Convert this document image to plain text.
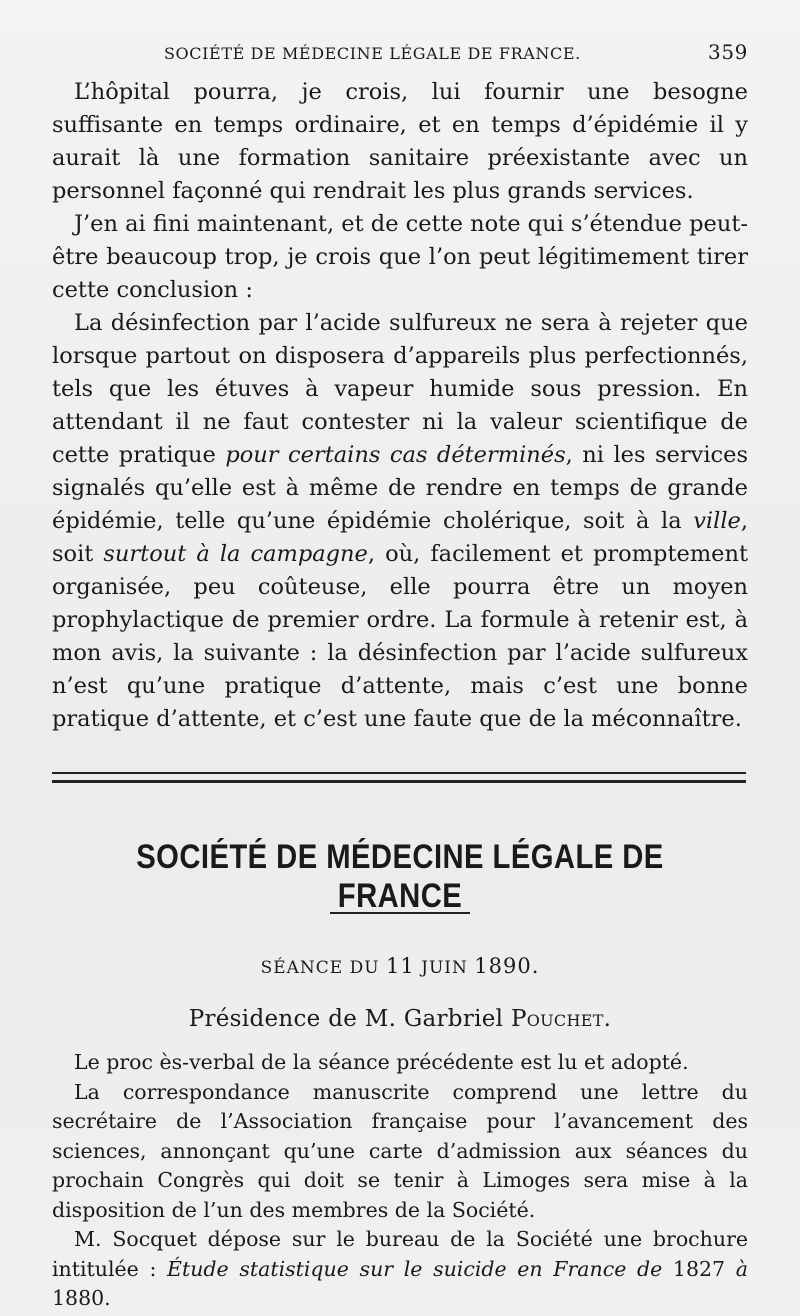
SOCIÉTÉ DE MÉDECINE LÉGALE DE FRANCE.	359

L’hôpital pourra, je crois, lui fournir une besogne suffisante en temps ordinaire, et en temps d’épidémie il y aurait là une formation sanitaire préexistante avec un personnel façonné qui rendrait les plus grands services.

J’en ai fini maintenant, et de cette note qui s’étendue peut-être beaucoup trop, je crois que l’on peut légitimement tirer cette conclusion :

La désinfection par l’acide sulfureux ne sera à rejeter que lorsque partout on disposera d’appareils plus perfectionnés, tels que les étuves à vapeur humide sous pression. En attendant il ne faut contester ni la valeur scientifique de cette pratique pour certains cas déterminés, ni les services signalés qu’elle est à même de rendre en temps de grande épidémie, telle qu’une épidémie cholérique, soit à la ville, soit surtout à la campagne, où, facilement et promptement organisée, peu coûteuse, elle pourra être un moyen prophylactique de premier ordre. La formule à retenir est, à mon avis, la suivante : la désinfection par l’acide sulfureux n’est qu’une pratique d’attente, mais c’est une bonne pratique d’attente, et c’est une faute que de la méconnaître.

SOCIÉTÉ DE MÉDECINE LÉGALE DE FRANCE
SÉANCE DU 11 JUIN 1890.
Présidence de M. Garbriel Pouchet.

Le proc ès-verbal de la séance précédente est lu et adopté.

La correspondance manuscrite comprend une lettre du secrétaire de l’Association française pour l’avancement des sciences, annonçant qu’une carte d’admission aux séances du prochain Congrès qui doit se tenir à Limoges sera mise à la disposition de l’un des membres de la Société.

M. Socquet dépose sur le bureau de la Société une brochure intitulée : Étude statistique sur le suicide en France de 1827 à 1880.
